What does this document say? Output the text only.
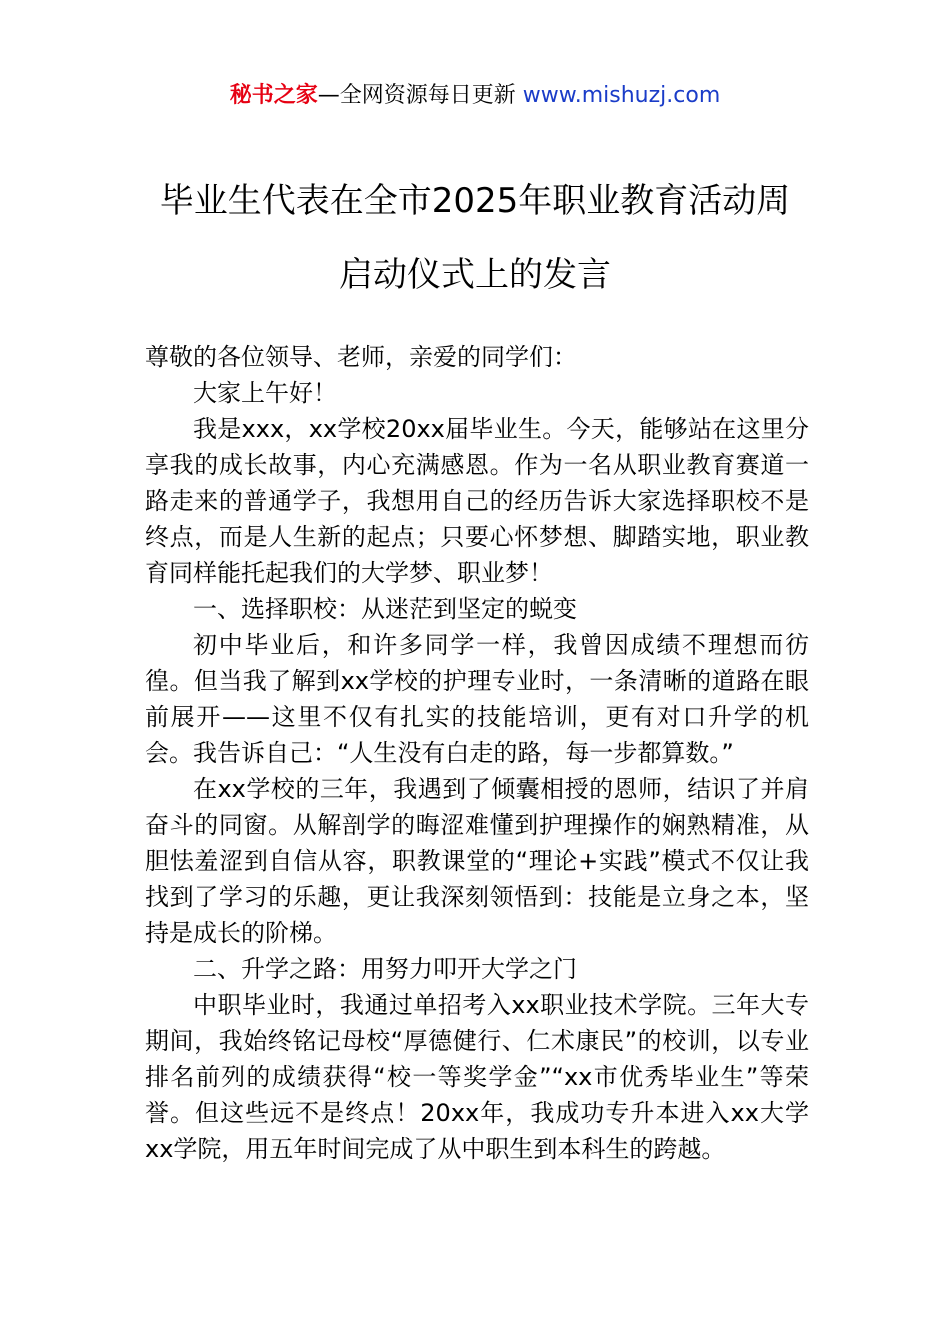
秘书之家—全网资源每日更新 www.mishuzj.com
毕业生代表在全市2025年职业教育活动周
启动仪式上的发言

尊敬的各位领导、老师，亲爱的同学们：

大家上午好！

我是xxx，xx学校20xx届毕业生。今天，能够站在这里分享我的成长故事，内心充满感恩。作为一名从职业教育赛道一路走来的普通学子，我想用自己的经历告诉大家选择职校不是终点，而是人生新的起点；只要心怀梦想、脚踏实地，职业教育同样能托起我们的大学梦、职业梦！

一、选择职校：从迷茫到坚定的蜕变

初中毕业后，和许多同学一样，我曾因成绩不理想而彷徨。但当我了解到xx学校的护理专业时，一条清晰的道路在眼前展开——这里不仅有扎实的技能培训，更有对口升学的机会。我告诉自己：“人生没有白走的路，每一步都算数。”

在xx学校的三年，我遇到了倾囊相授的恩师，结识了并肩奋斗的同窗。从解剖学的晦涩难懂到护理操作的娴熟精准，从胆怯羞涩到自信从容，职教课堂的“理论+实践”模式不仅让我找到了学习的乐趣，更让我深刻领悟到：技能是立身之本，坚持是成长的阶梯。

二、升学之路：用努力叩开大学之门

中职毕业时，我通过单招考入xx职业技术学院。三年大专期间，我始终铭记母校“厚德健行、仁术康民”的校训，以专业排名前列的成绩获得“校一等奖学金”“xx市优秀毕业生”等荣誉。但这些远不是终点！20xx年，我成功专升本进入xx大学xx学院，用五年时间完成了从中职生到本科生的跨越。
